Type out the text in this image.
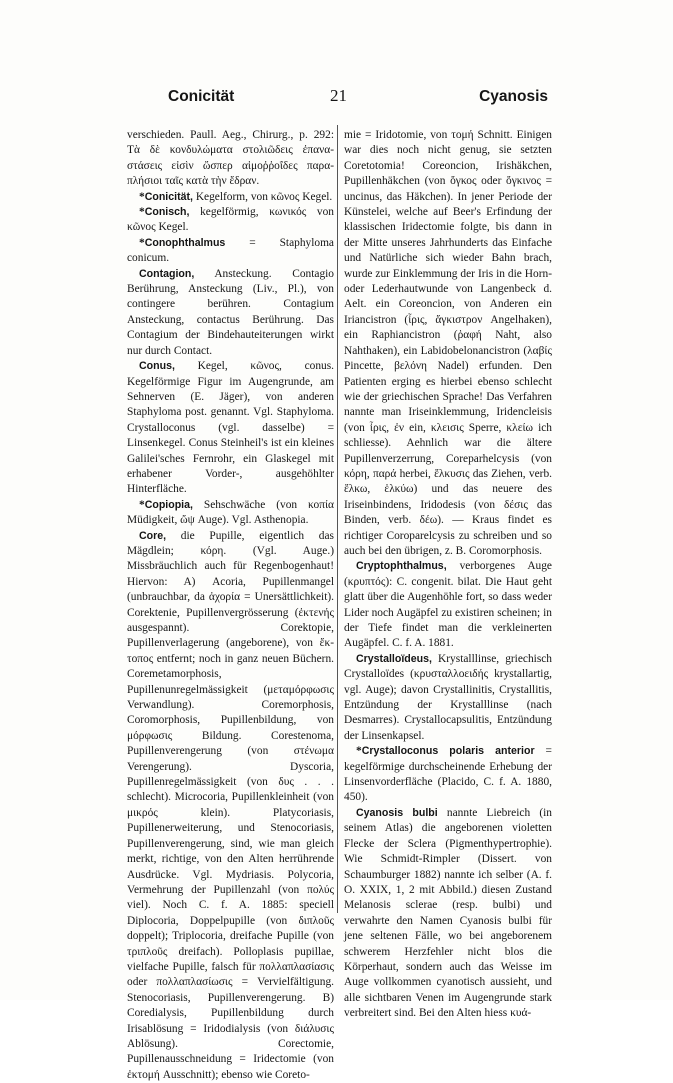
Conicität	21	Cyanosis

verschieden. Paull. Aeg., Chirurg., p. 292: Τὰ δὲ κονδυλώματα στολιῶδεις ἐπανα-στάσεις εἰσὶν ὥσπερ αἱμοῤῥοΐδες παρα-πλήσιοι ταῖς κατὰ τὴν ἕδραν.

*Conicität, Kegelform, von κῶνος Kegel.

*Conisch, kegelförmig, κωνικός von κῶνος Kegel.

*Conophthalmus = Staphyloma conicum.

Contagion, Ansteckung. Contagio Berührung, Ansteckung (Liv., Pl.), von contingere berühren. Contagium Ansteckung, contactus Berührung. Das Contagium der Bindehauteiterungen wirkt nur durch Contact.

Conus, Kegel, κῶνος, conus. Kegelförmige Figur im Augengrunde, am Sehnerven (E. Jäger), von anderen Staphyloma post. genannt. Vgl. Staphyloma. Crystalloconus (vgl. dasselbe) = Linsenkegel. Conus Steinheil's ist ein kleines Galilei'sches Fernrohr, ein Glaskegel mit erhabener Vorder-, ausgehöhlter Hinterfläche.

*Copiopia, Sehschwäche (von κοπία Müdigkeit, ὤψ Auge). Vgl. Asthenopia.

Core, die Pupille, eigentlich das Mägdlein; κόρη. (Vgl. Auge.) Missbräuchlich auch für Regenbogenhaut! Hiervon: A) Acoria, Pupillenmangel (unbrauchbar, da ἀχορία = Unersättlichkeit). Corektenie, Pupillenvergrösserung (ἐκτενής ausgespannt). Corektopie, Pupillenverlagerung (angeborene), von ἔκ-τοπος entfernt; noch in ganz neuen Büchern. Coremetamorphosis, Pupillenunregelmässigkeit (μεταμόρφωσις Verwandlung). Coremorphosis, Coromorphosis, Pupillenbildung, von μόρφωσις Bildung. Corestenoma, Pupillenverengerung (von στένωμα Verengerung). Dyscoria, Pupillenregelmässigkeit (von δυς . . . schlecht). Microcoria, Pupillenkleinheit (von μικρός klein). Platycoriasis, Pupillenerweiterung, und Stenocoriasis, Pupillenverengerung, sind, wie man gleich merkt, richtige, von den Alten herrührende Ausdrücke. Vgl. Mydriasis. Polycoria, Vermehrung der Pupillenzahl (von πολύς viel). Noch C. f. A. 1885: speciell Diplocoria, Doppelpupille (von διπλοῦς doppelt); Triplocoria, dreifache Pupille (von τριπλοῦς dreifach). Polloplasis pupillae, vielfache Pupille, falsch für πολλαπλασίασις oder πολλαπλασίωσις = Vervielfältigung. Stenocoriasis, Pupillenverengerung. B) Coredialysis, Pupillenbildung durch Irisablösung = Iridodialysis (von διάλυσις Ablösung). Corectomie, Pupillenausschneidung = Iridectomie (von ἐκτομή Ausschnitt); ebenso wie Coreto-

mie = Iridotomie, von τομή Schnitt. Einigen war dies noch nicht genug, sie setzten Coretotomia! Coreoncion, Irishäkchen, Pupillenhäkchen (von ὄγκος oder ὄγκινος = uncinus, das Häkchen). In jener Periode der Künstelei, welche auf Beer's Erfindung der klassischen Iridectomie folgte, bis dann in der Mitte unseres Jahrhunderts das Einfache und Natürliche sich wieder Bahn brach, wurde zur Einklemmung der Iris in die Horn- oder Lederhautwunde von Langenbeck d. Aelt. ein Coreoncion, von Anderen ein Iriancistron (ἶρις, ἄγκιστρον Angelhaken), ein Raphiancistron (ῥαφή Naht, also Nahthaken), ein Labidobelonancistron (λαβίς Pincette, βελόνη Nadel) erfunden. Den Patienten erging es hierbei ebenso schlecht wie der griechischen Sprache! Das Verfahren nannte man Iriseinklemmung, Iridencleisis (von ἶρις, ἐν ein, κλεισις Sperre, κλείω ich schliesse). Aehnlich war die ältere Pupillenverzerrung, Coreparhelcysis (von κόρη, παρά herbei, ἕλκυσις das Ziehen, verb. ἕλκω, ἑλκύω) und das neuere des Iriseinbindens, Iridodesis (von δέσις das Binden, verb. δέω). — Kraus findet es richtiger Coroparelcysis zu schreiben und so auch bei den übrigen, z. B. Coromorphosis.

Cryptophthalmus, verborgenes Auge (κρυπτός): C. congenit. bilat. Die Haut geht glatt über die Augenhöhle fort, so dass weder Lider noch Augäpfel zu existiren scheinen; in der Tiefe findet man die verkleinerten Augäpfel. C. f. A. 1881.

Crystalloïdeus, Krystalllinse, griechisch Crystalloïdes (κρυσταλλοειδής krystallartig, vgl. Auge); davon Crystallinitis, Crystallitis, Entzündung der Krystalllinse (nach Desmarres). Crystallocapsulitis, Entzündung der Linsenkapsel.

*Crystalloconus polaris anterior = kegelförmige durchscheinende Erhebung der Linsenvorderfläche (Placido, C. f. A. 1880, 450).

Cyanosis bulbi nannte Liebreich (in seinem Atlas) die angeborenen violetten Flecke der Sclera (Pigmenthypertrophie). Wie Schmidt-Rimpler (Dissert. von Schaumburger 1882) nannte ich selber (A. f. O. XXIX, 1, 2 mit Abbild.) diesen Zustand Melanosis sclerae (resp. bulbi) und verwahrte den Namen Cyanosis bulbi für jene seltenen Fälle, wo bei angeborenem schwerem Herzfehler nicht blos die Körperhaut, sondern auch das Weisse im Auge vollkommen cyanotisch aussieht, und alle sichtbaren Venen im Augengrunde stark verbreitert sind. Bei den Alten hiess κυά-
